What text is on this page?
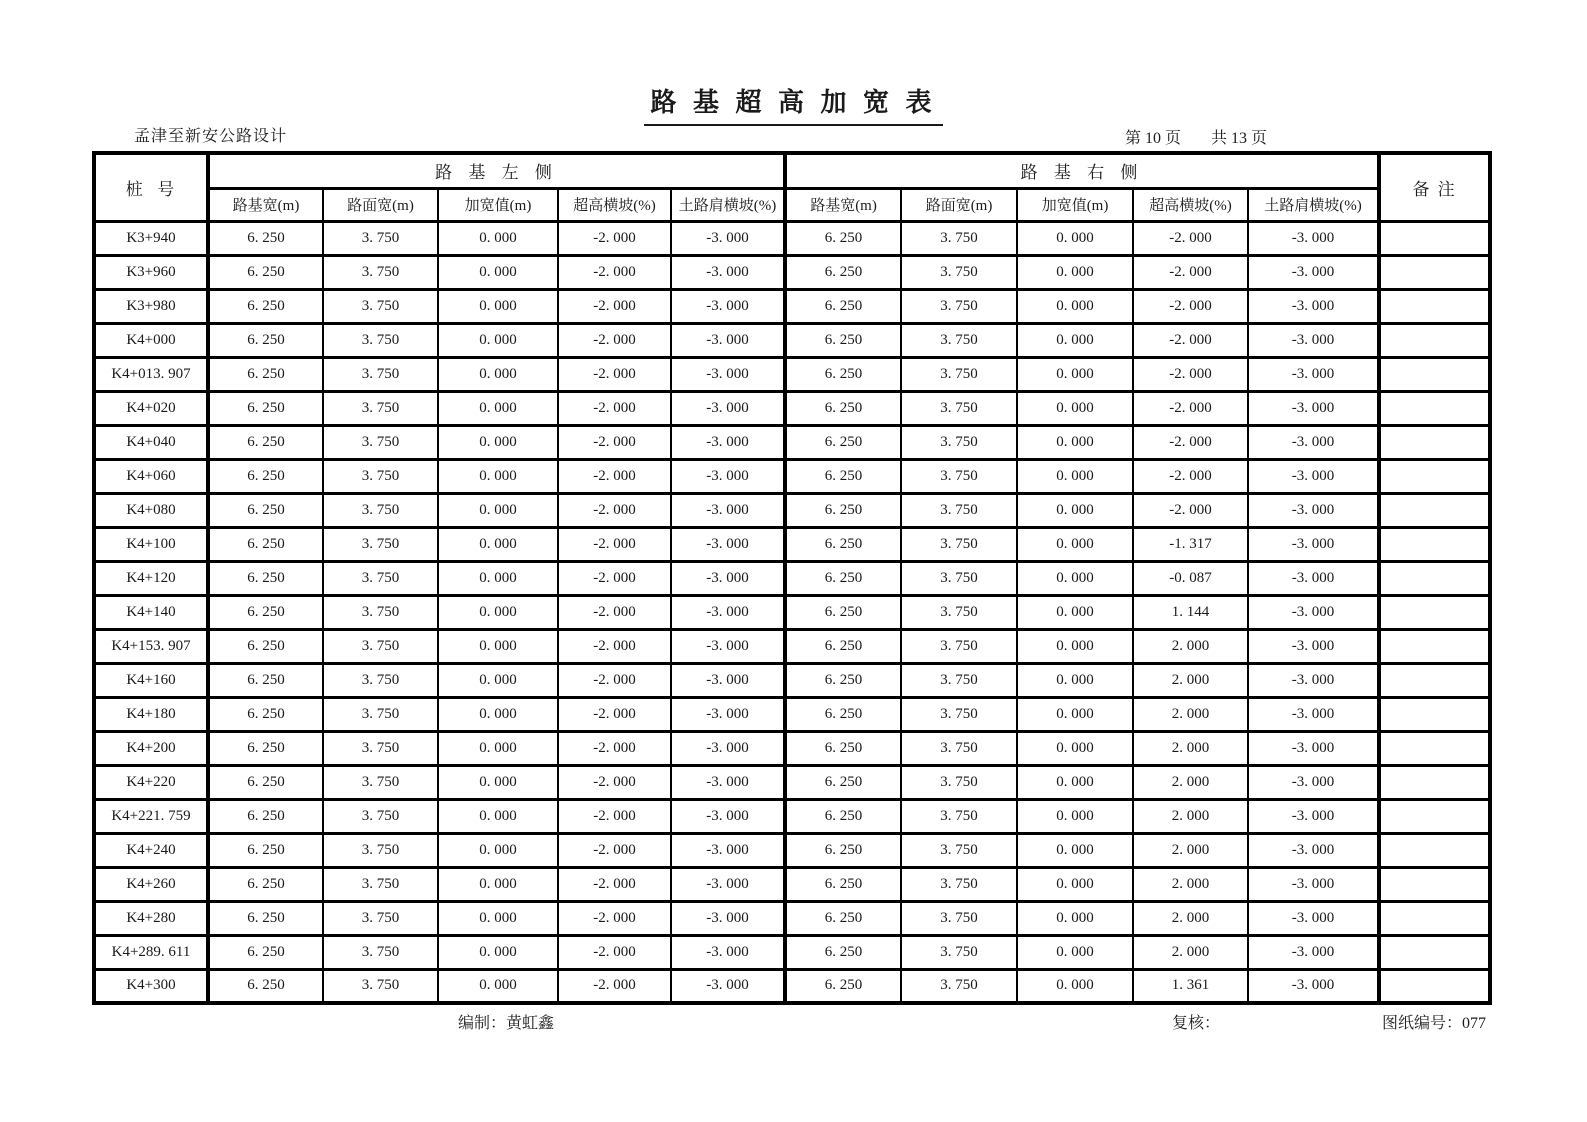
路 基 超 高 加 宽 表
孟津至新安公路设计	第 10 页 共 13 页
桩  号	路 基 左 侧					路 基 右 侧					备 注
	路基宽(m)	路面宽(m)	加宽值(m)	超高横坡(%)	土路肩横坡(%)	路基宽(m)	路面宽(m)	加宽值(m)	超高横坡(%)	土路肩横坡(%)	
K3+940	6. 250	3. 750	0. 000	-2. 000	-3. 000	6. 250	3. 750	0. 000	-2. 000	-3. 000	
K3+960	6. 250	3. 750	0. 000	-2. 000	-3. 000	6. 250	3. 750	0. 000	-2. 000	-3. 000	
K3+980	6. 250	3. 750	0. 000	-2. 000	-3. 000	6. 250	3. 750	0. 000	-2. 000	-3. 000	
K4+000	6. 250	3. 750	0. 000	-2. 000	-3. 000	6. 250	3. 750	0. 000	-2. 000	-3. 000	
K4+013. 907	6. 250	3. 750	0. 000	-2. 000	-3. 000	6. 250	3. 750	0. 000	-2. 000	-3. 000	
K4+020	6. 250	3. 750	0. 000	-2. 000	-3. 000	6. 250	3. 750	0. 000	-2. 000	-3. 000	
K4+040	6. 250	3. 750	0. 000	-2. 000	-3. 000	6. 250	3. 750	0. 000	-2. 000	-3. 000	
K4+060	6. 250	3. 750	0. 000	-2. 000	-3. 000	6. 250	3. 750	0. 000	-2. 000	-3. 000	
K4+080	6. 250	3. 750	0. 000	-2. 000	-3. 000	6. 250	3. 750	0. 000	-2. 000	-3. 000	
K4+100	6. 250	3. 750	0. 000	-2. 000	-3. 000	6. 250	3. 750	0. 000	-1. 317	-3. 000	
K4+120	6. 250	3. 750	0. 000	-2. 000	-3. 000	6. 250	3. 750	0. 000	-0. 087	-3. 000	
K4+140	6. 250	3. 750	0. 000	-2. 000	-3. 000	6. 250	3. 750	0. 000	1. 144	-3. 000	
K4+153. 907	6. 250	3. 750	0. 000	-2. 000	-3. 000	6. 250	3. 750	0. 000	2. 000	-3. 000	
K4+160	6. 250	3. 750	0. 000	-2. 000	-3. 000	6. 250	3. 750	0. 000	2. 000	-3. 000	
K4+180	6. 250	3. 750	0. 000	-2. 000	-3. 000	6. 250	3. 750	0. 000	2. 000	-3. 000	
K4+200	6. 250	3. 750	0. 000	-2. 000	-3. 000	6. 250	3. 750	0. 000	2. 000	-3. 000	
K4+220	6. 250	3. 750	0. 000	-2. 000	-3. 000	6. 250	3. 750	0. 000	2. 000	-3. 000	
K4+221. 759	6. 250	3. 750	0. 000	-2. 000	-3. 000	6. 250	3. 750	0. 000	2. 000	-3. 000	
K4+240	6. 250	3. 750	0. 000	-2. 000	-3. 000	6. 250	3. 750	0. 000	2. 000	-3. 000	
K4+260	6. 250	3. 750	0. 000	-2. 000	-3. 000	6. 250	3. 750	0. 000	2. 000	-3. 000	
K4+280	6. 250	3. 750	0. 000	-2. 000	-3. 000	6. 250	3. 750	0. 000	2. 000	-3. 000	
K4+289. 611	6. 250	3. 750	0. 000	-2. 000	-3. 000	6. 250	3. 750	0. 000	2. 000	-3. 000	
K4+300	6. 250	3. 750	0. 000	-2. 000	-3. 000	6. 250	3. 750	0. 000	1. 361	-3. 000	
编制：黄虹鑫	复核：	图纸编号：077
